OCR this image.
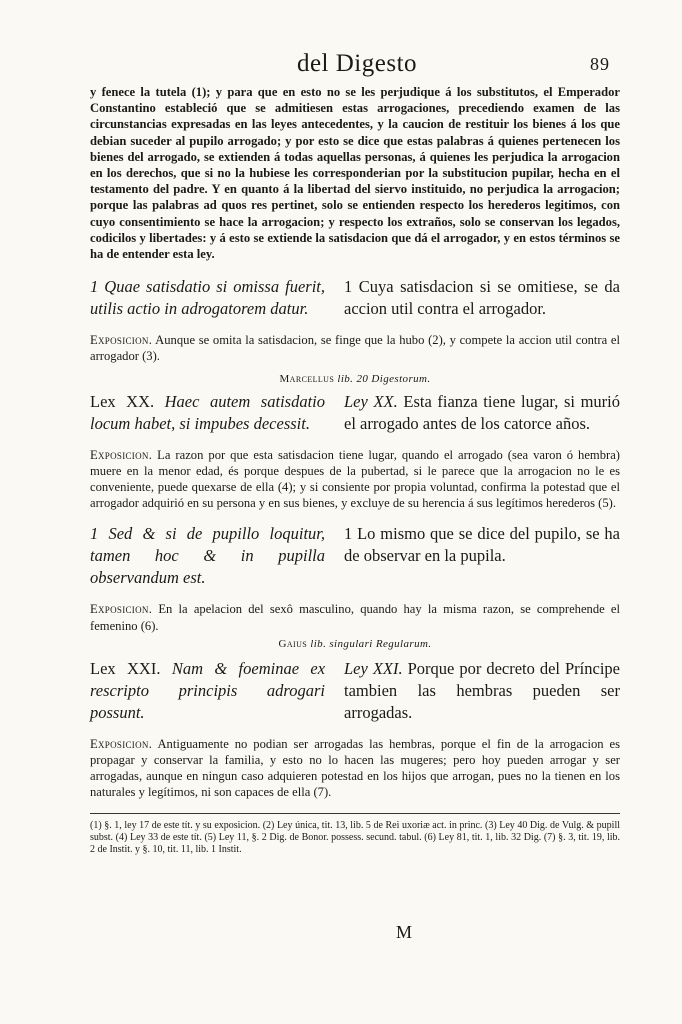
del Digesto	89

y fenece la tutela (1); y para que en esto no se les perjudique á los substitutos, el Emperador Constantino estableció que se admitiesen estas arrogaciones, precediendo examen de las circunstancias expresadas en las leyes antecedentes, y la caucion de restituir los bienes á los que debian suceder al pupilo arrogado; y por esto se dice que estas palabras á quienes pertenecen los bienes del arrogado, se extienden á todas aquellas personas, á quienes les perjudica la arrogacion en los derechos, que si no la hubiese les corresponderian por la substitucion pupilar, hecha en el testamento del padre. Y en quanto á la libertad del siervo instituido, no perjudica la arrogacion; porque las palabras ad quos res pertinet, solo se entienden respecto los herederos legitimos, con cuyo consentimiento se hace la arrogacion; y respecto los extraños, solo se conservan los legados, codicilos y libertades: y á esto se extiende la satisdacion que dá el arrogador, y en estos términos se ha de entender esta ley.

1 Quae satisdatio si omissa fuerit, utilis actio in adrogatorem datur.
1 Cuya satisdacion si se omitiese, se da accion util contra el arrogador.

Exposicion. Aunque se omita la satisdacion, se finge que la hubo (2), y compete la accion util contra el arrogador (3).

Marcellus lib. 20 Digestorum.

Lex XX. Haec autem satisdatio locum habet, si impubes decessit.
Ley XX. Esta fianza tiene lugar, si murió el arrogado antes de los catorce años.

Exposicion. La razon por que esta satisdacion tiene lugar, quando el arrogado (sea varon ó hembra) muere en la menor edad, és porque despues de la pubertad, si le parece que la arrogacion no le es conveniente, puede quexarse de ella (4); y si consiente por propia voluntad, confirma la potestad que el arrogador adquirió en su persona y en sus bienes, y excluye de su herencia á sus legítimos herederos (5).

1 Sed & si de pupillo loquitur, tamen hoc & in pupilla observandum est.
1 Lo mismo que se dice del pupilo, se ha de observar en la pupila.

Exposicion. En la apelacion del sexô masculino, quando hay la misma razon, se comprehende el femenino (6).

Gaius lib. singulari Regularum.

Lex XXI. Nam & foeminae ex rescripto principis adrogari possunt.
Ley XXI. Porque por decreto del Príncipe tambien las hembras pueden ser arrogadas.

Exposicion. Antiguamente no podian ser arrogadas las hembras, porque el fin de la arrogacion es propagar y conservar la familia, y esto no lo hacen las mugeres; pero hoy pueden arrogar y ser arrogadas, aunque en ningun caso adquieren potestad en los hijos que arrogan, pues no la tienen en los naturales y legítimos, ni son capaces de ella (7).

(1) §. 1, ley 17 de este tít. y su exposicion. (2) Ley única, tit. 13, lib. 5 de Rei uxoriæ act. in princ. (3) Ley 40 Dig. de Vulg. & pupill subst. (4) Ley 33 de este tít. (5) Ley 11, §. 2 Dig. de Bonor. possess. secund. tabul. (6) Ley 81, tit. 1, lib. 32 Dig. (7) §. 3, tit. 19, lib. 2 de Instit. y §. 10, tit. 11, lib. 1 Instit.

M
